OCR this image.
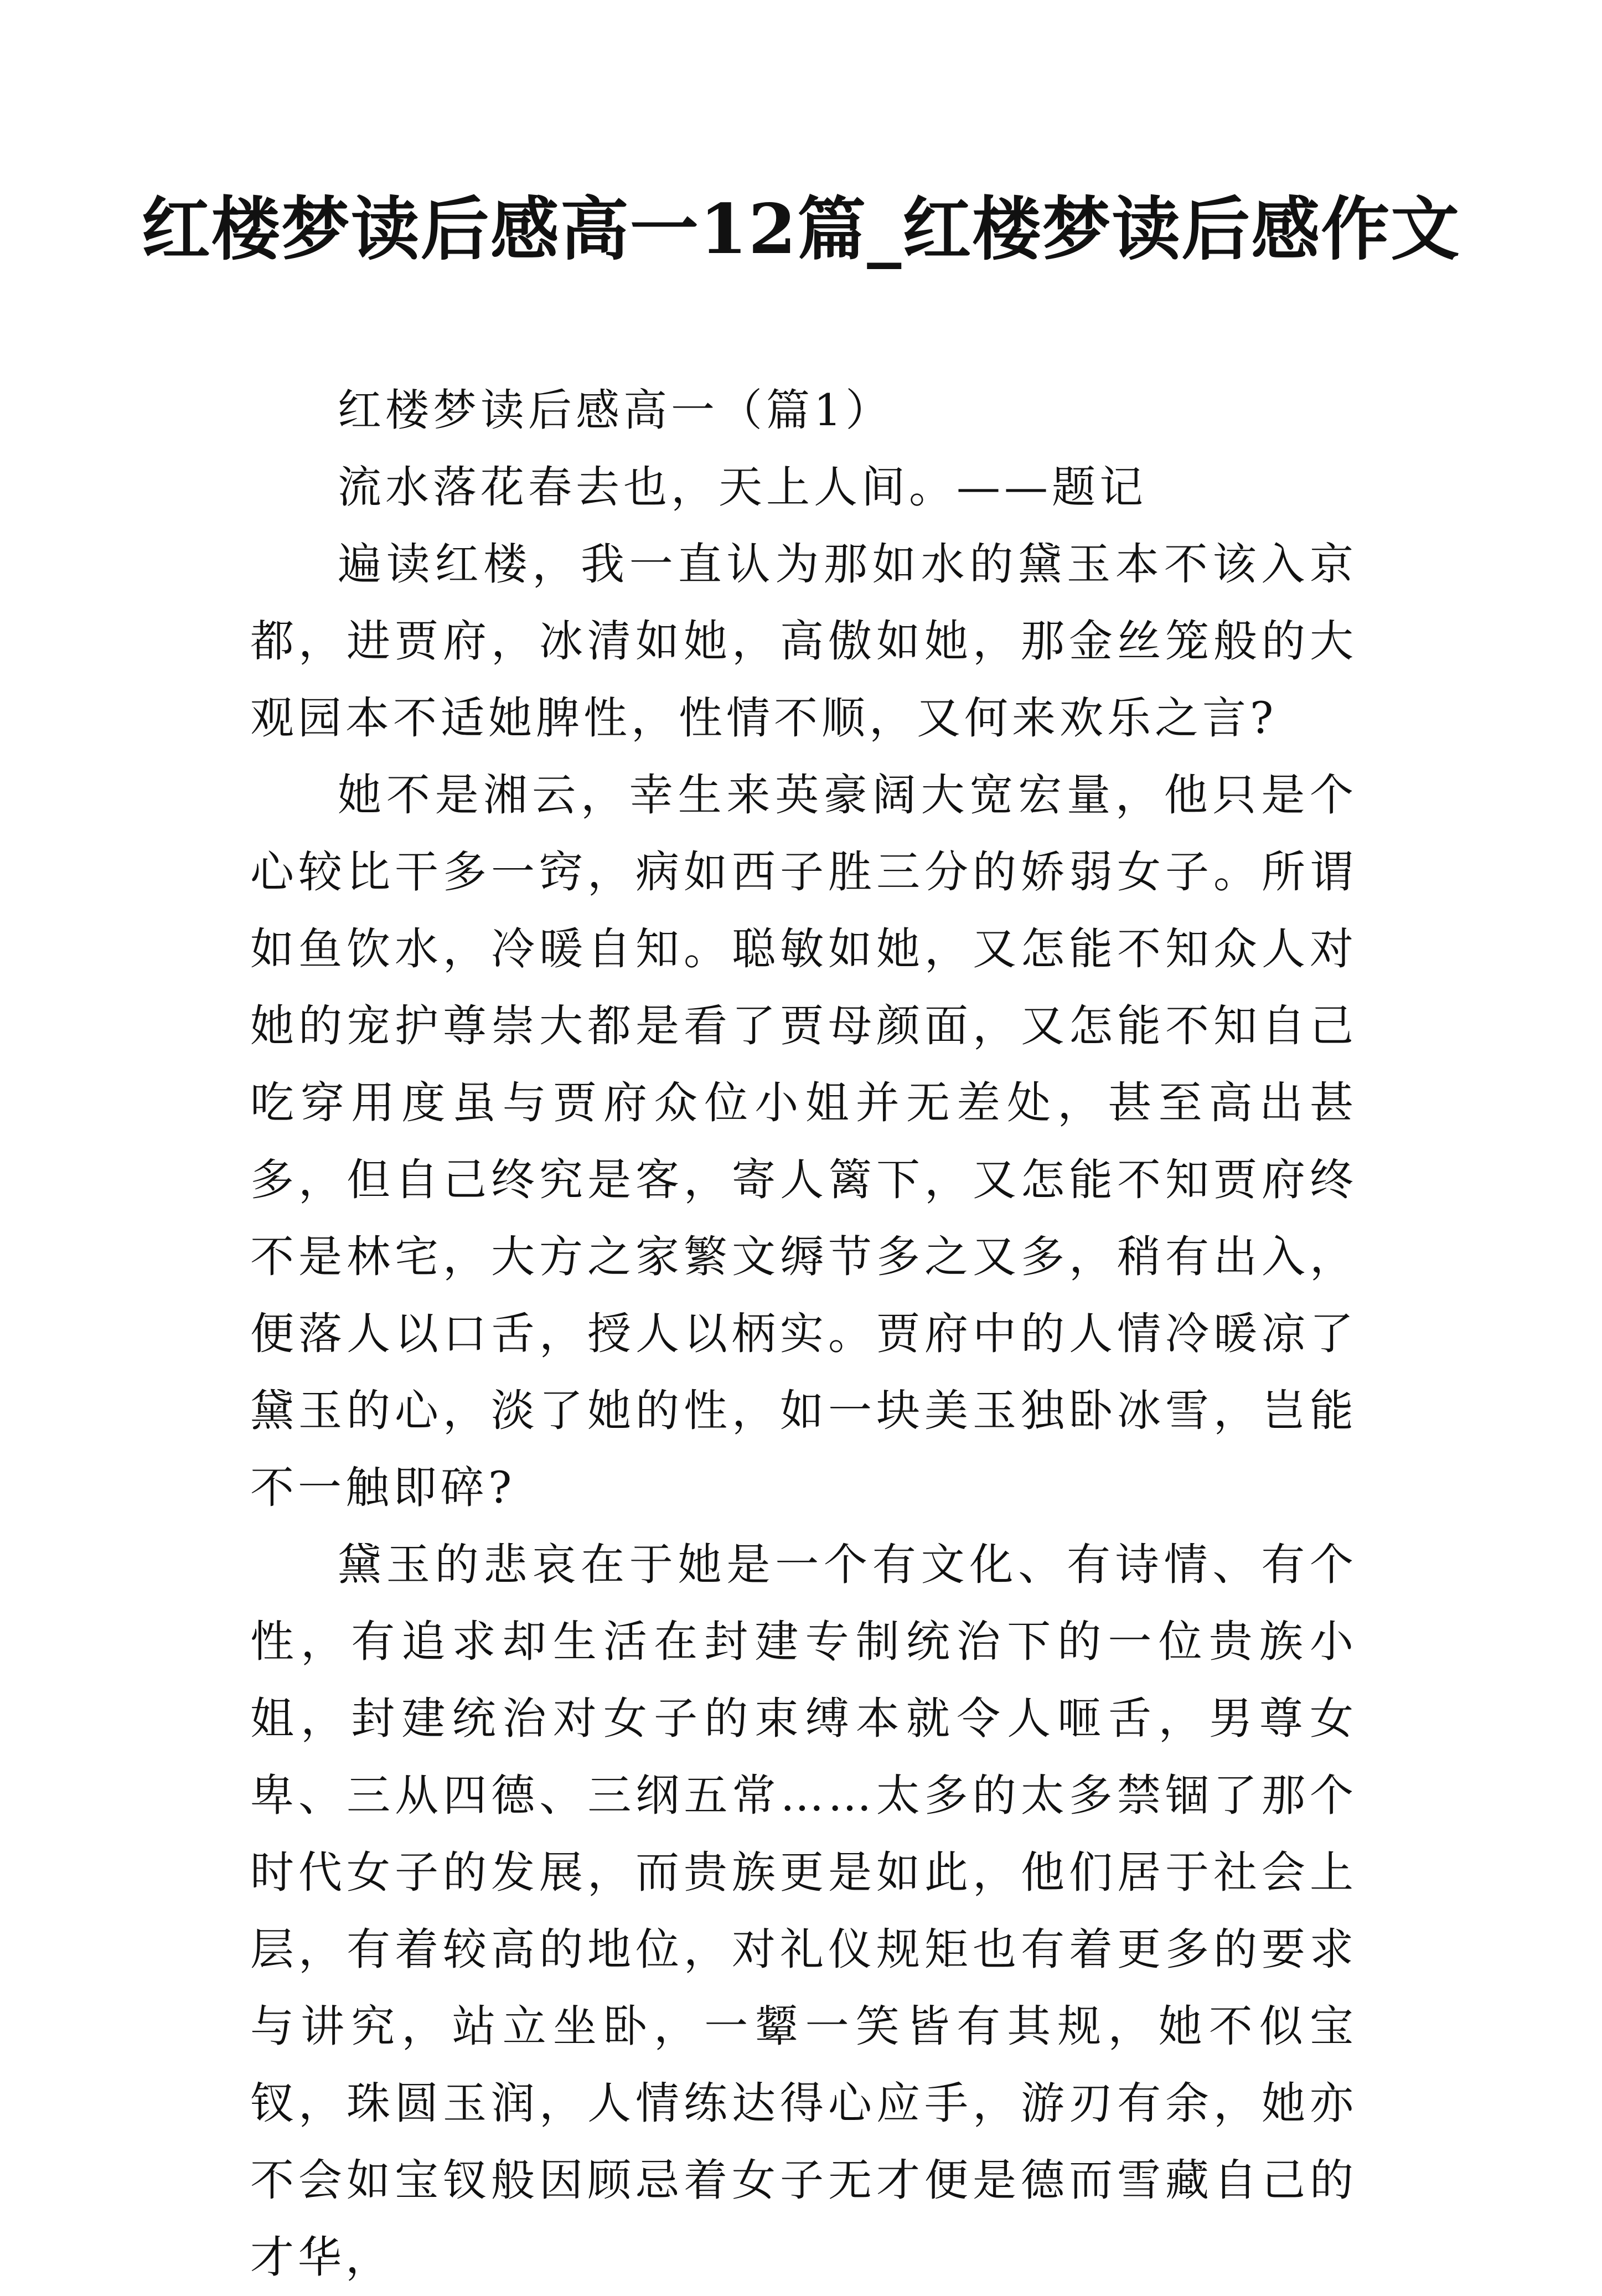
红楼梦读后感高一12篇_红楼梦读后感作文

红楼梦读后感高一（篇1）

流水落花春去也，天上人间。——题记

遍读红楼，我一直认为那如水的黛玉本不该入京都，进贾府，冰清如她，高傲如她，那金丝笼般的大观园本不适她脾性，性情不顺，又何来欢乐之言?

她不是湘云，幸生来英豪阔大宽宏量，他只是个心较比干多一窍，病如西子胜三分的娇弱女子。所谓如鱼饮水，冷暖自知。聪敏如她，又怎能不知众人对她的宠护尊崇大都是看了贾母颜面，又怎能不知自己吃穿用度虽与贾府众位小姐并无差处，甚至高出甚多，但自己终究是客，寄人篱下，又怎能不知贾府终不是林宅，大方之家繁文缛节多之又多，稍有出入，便落人以口舌，授人以柄实。贾府中的人情冷暖凉了黛玉的心，淡了她的性，如一块美玉独卧冰雪，岂能不一触即碎?

黛玉的悲哀在于她是一个有文化、有诗情、有个性，有追求却生活在封建专制统治下的一位贵族小姐，封建统治对女子的束缚本就令人咂舌，男尊女卑、三从四德、三纲五常……太多的太多禁锢了那个时代女子的发展，而贵族更是如此，他们居于社会上层，有着较高的地位，对礼仪规矩也有着更多的要求与讲究，站立坐卧，一颦一笑皆有其规，她不似宝钗，珠圆玉润，人情练达得心应手，游刃有余，她亦不会如宝钗般因顾忌着女子无才便是德而雪藏自己的才华，
